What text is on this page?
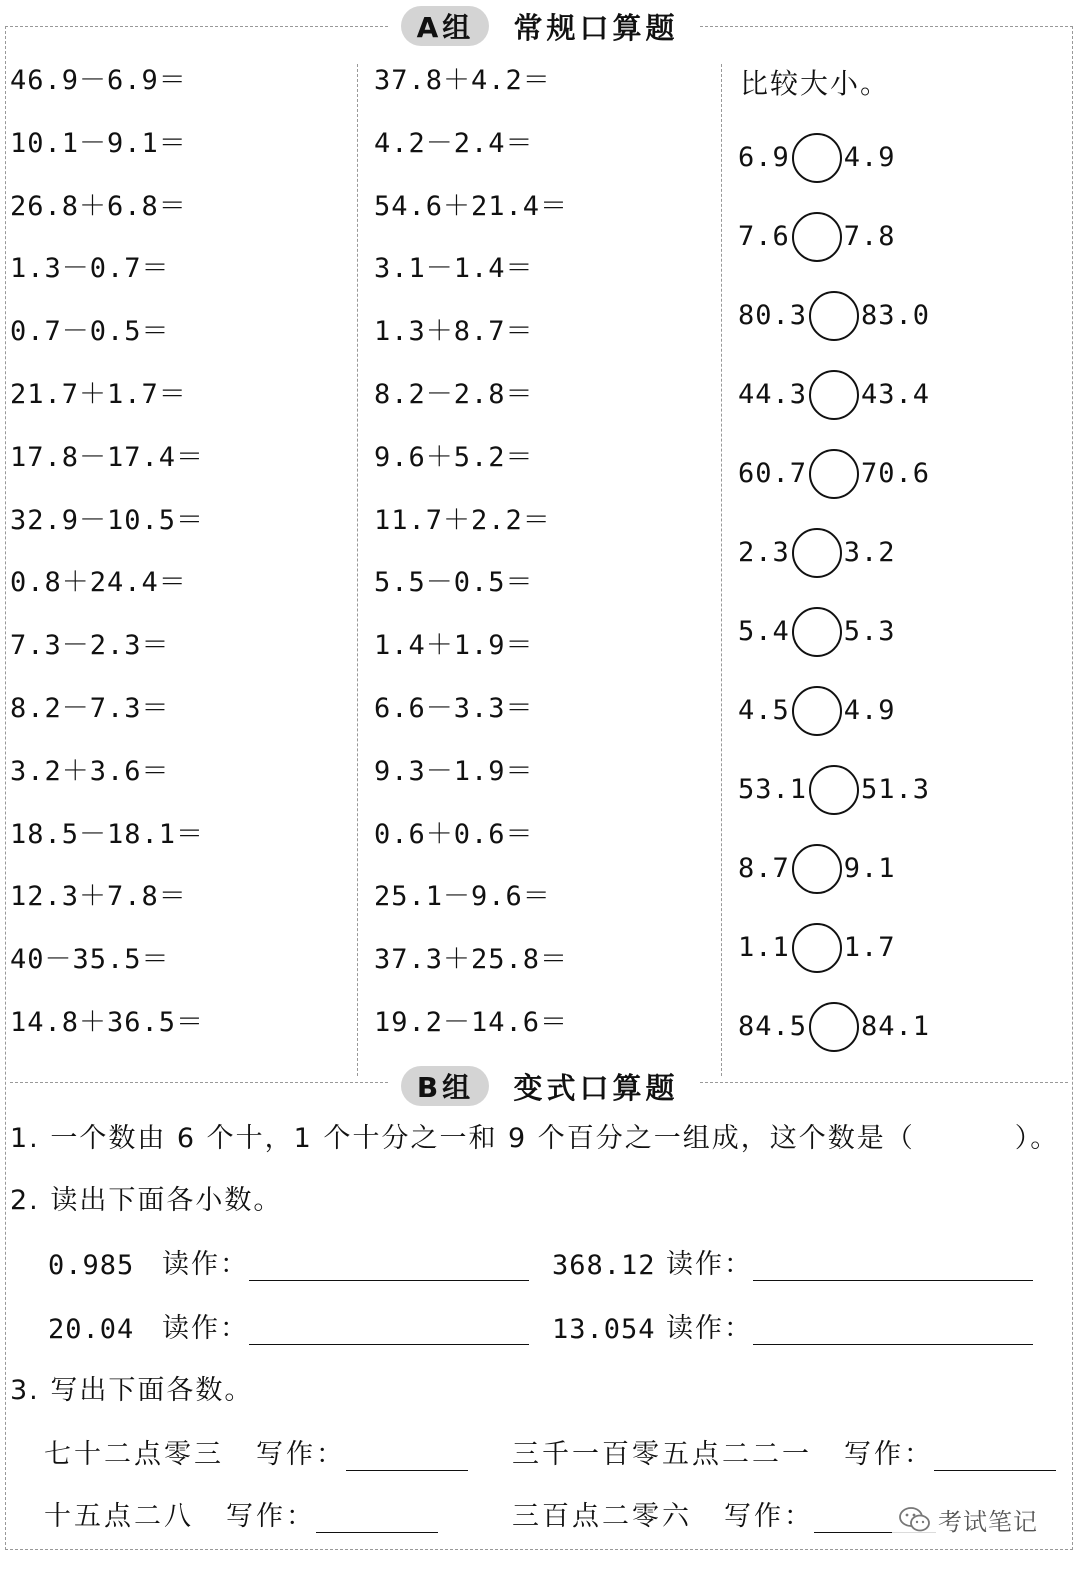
A组	常规口算题
46.9－6.9＝
10.1－9.1＝
26.8＋6.8＝
1.3－0.7＝
0.7－0.5＝
21.7＋1.7＝
17.8－17.4＝
32.9－10.5＝
0.8＋24.4＝
7.3－2.3＝
8.2－7.3＝
3.2＋3.6＝
18.5－18.1＝
12.3＋7.8＝
40－35.5＝
14.8＋36.5＝
37.8＋4.2＝
4.2－2.4＝
54.6＋21.4＝
3.1－1.4＝
1.3＋8.7＝
8.2－2.8＝
9.6＋5.2＝
11.7＋2.2＝
5.5－0.5＝
1.4＋1.9＝
6.6－3.3＝
9.3－1.9＝
0.6＋0.6＝
25.1－9.6＝
37.3＋25.8＝
19.2－14.6＝
比较大小。
6.9 4.9
7.6 7.8
80.3 83.0
44.3 43.4
60.7 70.6
2.3 3.2
5.4 5.3
4.5 4.9
53.1 51.3
8.7 9.1
1.1 1.7
84.5 84.1
B组	变式口算题
1. 一个数由 6 个十，1 个十分之一和 9 个百分之一组成，这个数是（	）。
2. 读出下面各小数。
0.985	读作：	368.12 读作：
20.04	读作：	13.054 读作：
3. 写出下面各数。
七十二点零三 写作：	三千一百零五点二二一 写作：
十五点二八 写作：	三百点二零六 写作：	考试笔记
